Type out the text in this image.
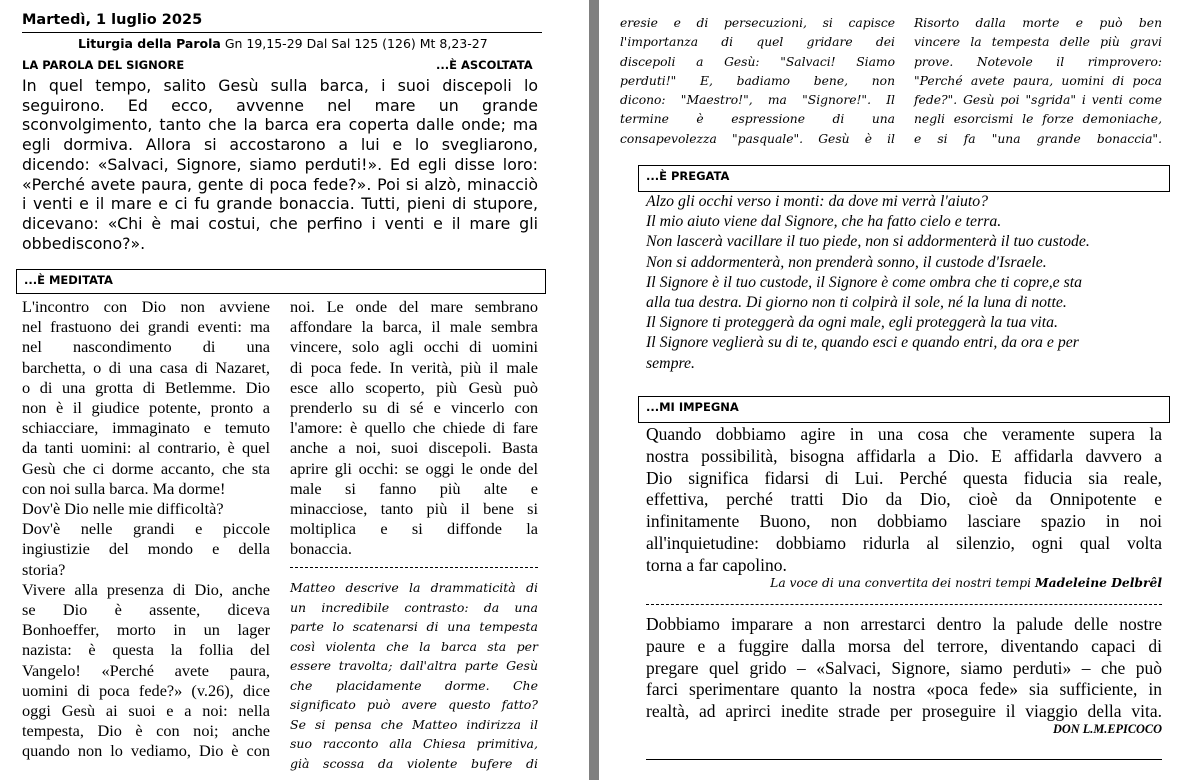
Martedì, 1 luglio 2025
Liturgia della Parola Gn 19,15-29 Dal Sal 125 (126) Mt 8,23-27
LA PAROLA DEL SIGNORE	...È ASCOLTATA
In quel tempo, salito Gesù sulla barca, i suoi discepoli lo
seguirono. Ed ecco, avvenne nel mare un grande
sconvolgimento, tanto che la barca era coperta dalle onde; ma
egli dormiva. Allora si accostarono a lui e lo svegliarono,
dicendo: «Salvaci, Signore, siamo perduti!». Ed egli disse loro:
«Perché avete paura, gente di poca fede?». Poi si alzò, minacciò
i venti e il mare e ci fu grande bonaccia. Tutti, pieni di stupore,
dicevano: «Chi è mai costui, che perfino i venti e il mare gli
obbediscono?».
...È MEDITATA
L'incontro con Dio non avviene
nel frastuono dei grandi eventi: ma
nel nascondimento di una
barchetta, o di una casa di Nazaret,
o di una grotta di Betlemme. Dio
non è il giudice potente, pronto a
schiacciare, immaginato e temuto
da tanti uomini: al contrario, è quel
Gesù che ci dorme accanto, che sta
con noi sulla barca. Ma dorme!
Dov'è Dio nelle mie difficoltà?
Dov'è nelle grandi e piccole
ingiustizie del mondo e della
storia?
Vivere alla presenza di Dio, anche
se Dio è assente, diceva
Bonhoeffer, morto in un lager
nazista: è questa la follia del
Vangelo! «Perché avete paura,
uomini di poca fede?» (v.26), dice
oggi Gesù ai suoi e a noi: nella
tempesta, Dio è con noi; anche
quando non lo vediamo, Dio è con
noi. Le onde del mare sembrano
affondare la barca, il male sembra
vincere, solo agli occhi di uomini
di poca fede. In verità, più il male
esce allo scoperto, più Gesù può
prenderlo su di sé e vincerlo con
l'amore: è quello che chiede di fare
anche a noi, suoi discepoli. Basta
aprire gli occhi: se oggi le onde del
male si fanno più alte e
minacciose, tanto più il bene si
moltiplica e si diffonde la
bonaccia.
Matteo descrive la drammaticità di
un incredibile contrasto: da una
parte lo scatenarsi di una tempesta
così violenta che la barca sta per
essere travolta; dall'altra parte Gesù
che placidamente dorme. Che
significato può avere questo fatto?
Se si pensa che Matteo indirizza il
suo racconto alla Chiesa primitiva,
già scossa da violente bufere di
eresie e di persecuzioni, si capisce
l'importanza di quel gridare dei
discepoli a Gesù: "Salvaci! Siamo
perduti!" E, badiamo bene, non
dicono: "Maestro!", ma "Signore!". Il
termine è espressione di una
consapevolezza "pasquale". Gesù è il
Risorto dalla morte e può ben
vincere la tempesta delle più gravi
prove. Notevole il rimprovero:
"Perché avete paura, uomini di poca
fede?". Gesù poi "sgrida" i venti come
negli esorcismi le forze demoniache,
e si fa "una grande bonaccia".
...È PREGATA
Alzo gli occhi verso i monti: da dove mi verrà l'aiuto?
Il mio aiuto viene dal Signore, che ha fatto cielo e terra.
Non lascerà vacillare il tuo piede, non si addormenterà il tuo custode.
Non si addormenterà, non prenderà sonno, il custode d'Israele.
Il Signore è il tuo custode, il Signore è come ombra che ti copre,e sta
alla tua destra. Di giorno non ti colpirà il sole, né la luna di notte.
Il Signore ti proteggerà da ogni male, egli proteggerà la tua vita.
Il Signore veglierà su di te, quando esci e quando entri, da ora e per
sempre.
...MI IMPEGNA
Quando dobbiamo agire in una cosa che veramente supera la
nostra possibilità, bisogna affidarla a Dio. E affidarla davvero a
Dio significa fidarsi di Lui. Perché questa fiducia sia reale,
effettiva, perché tratti Dio da Dio, cioè da Onnipotente e
infinitamente Buono, non dobbiamo lasciare spazio in noi
all'inquietudine: dobbiamo ridurla al silenzio, ogni qual volta
torna a far capolino.
La voce di una convertita dei nostri tempi Madeleine Delbrêl
Dobbiamo imparare a non arrestarci dentro la palude delle nostre
paure e a fuggire dalla morsa del terrore, diventando capaci di
pregare quel grido – «Salvaci, Signore, siamo perduti» – che può
farci sperimentare quanto la nostra «poca fede» sia sufficiente, in
realtà, ad aprirci inedite strade per proseguire il viaggio della vita.
DON L.M.EPICOCO
